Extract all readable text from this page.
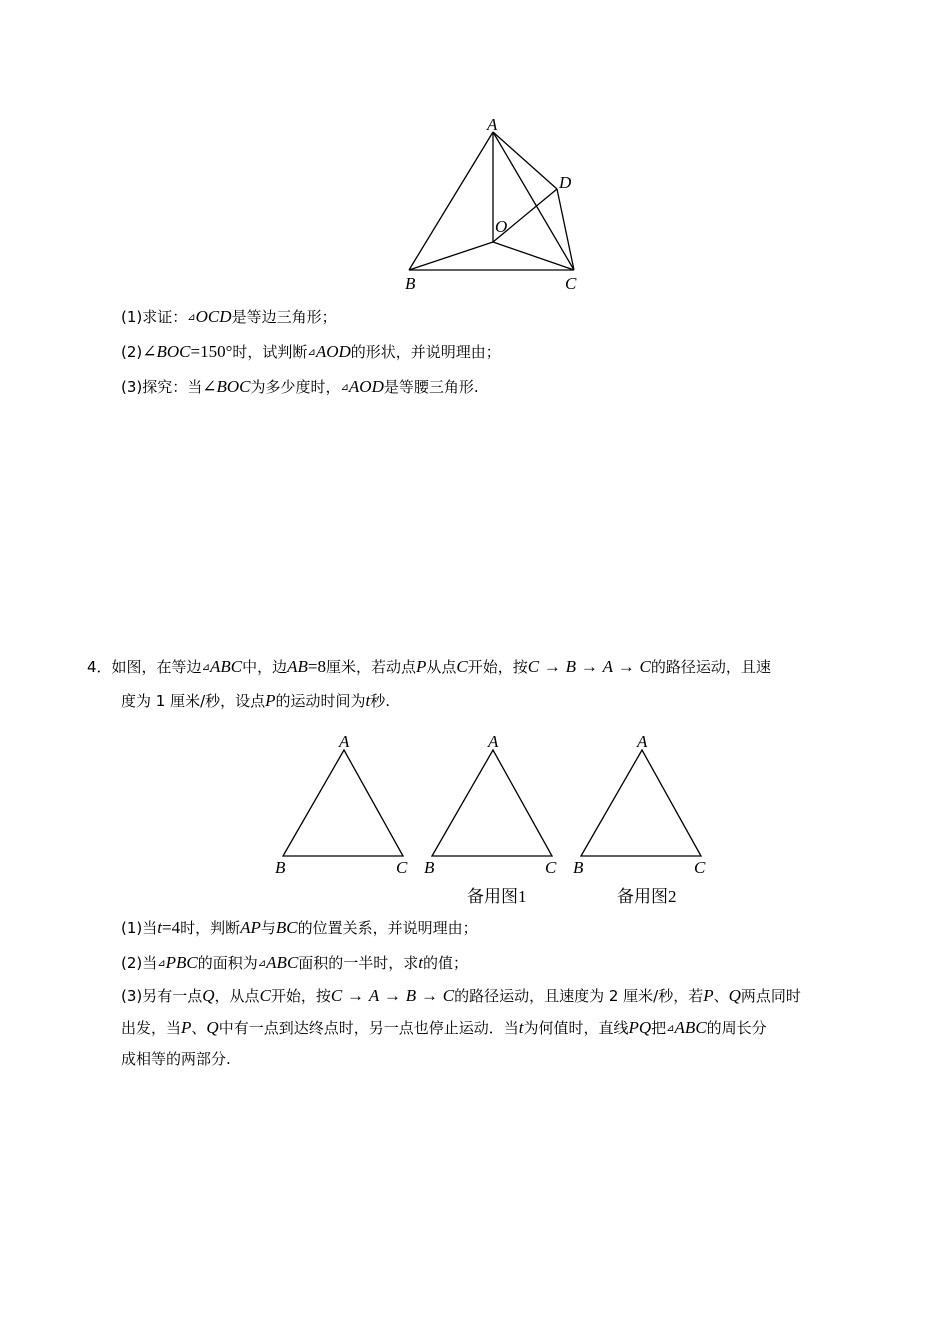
A
B	C
D
O
(1)求证：⊿OCD是等边三角形；
(2)∠BOC=150°时，试判断⊿AOD的形状，并说明理由；
(3)探究：当∠BOC为多少度时，⊿AOD是等腰三角形.
4．如图，在等边⊿ABC中，边AB=8厘米，若动点P从点C开始，按C → B → A → C的路径运动，且速
度为 1 厘米/秒，设点P的运动时间为t秒.
A
B	C
A
B	C
A
B	C
备用图1	备用图2
(1)当t=4时，判断AP与BC的位置关系，并说明理由；
(2)当⊿PBC的面积为⊿ABC面积的一半时，求t的值；
(3)另有一点Q，从点C开始，按C → A → B → C的路径运动，且速度为 2 厘米/秒，若P、Q两点同时
出发，当P、Q中有一点到达终点时，另一点也停止运动．当t为何值时，直线PQ把⊿ABC的周长分
成相等的两部分.
